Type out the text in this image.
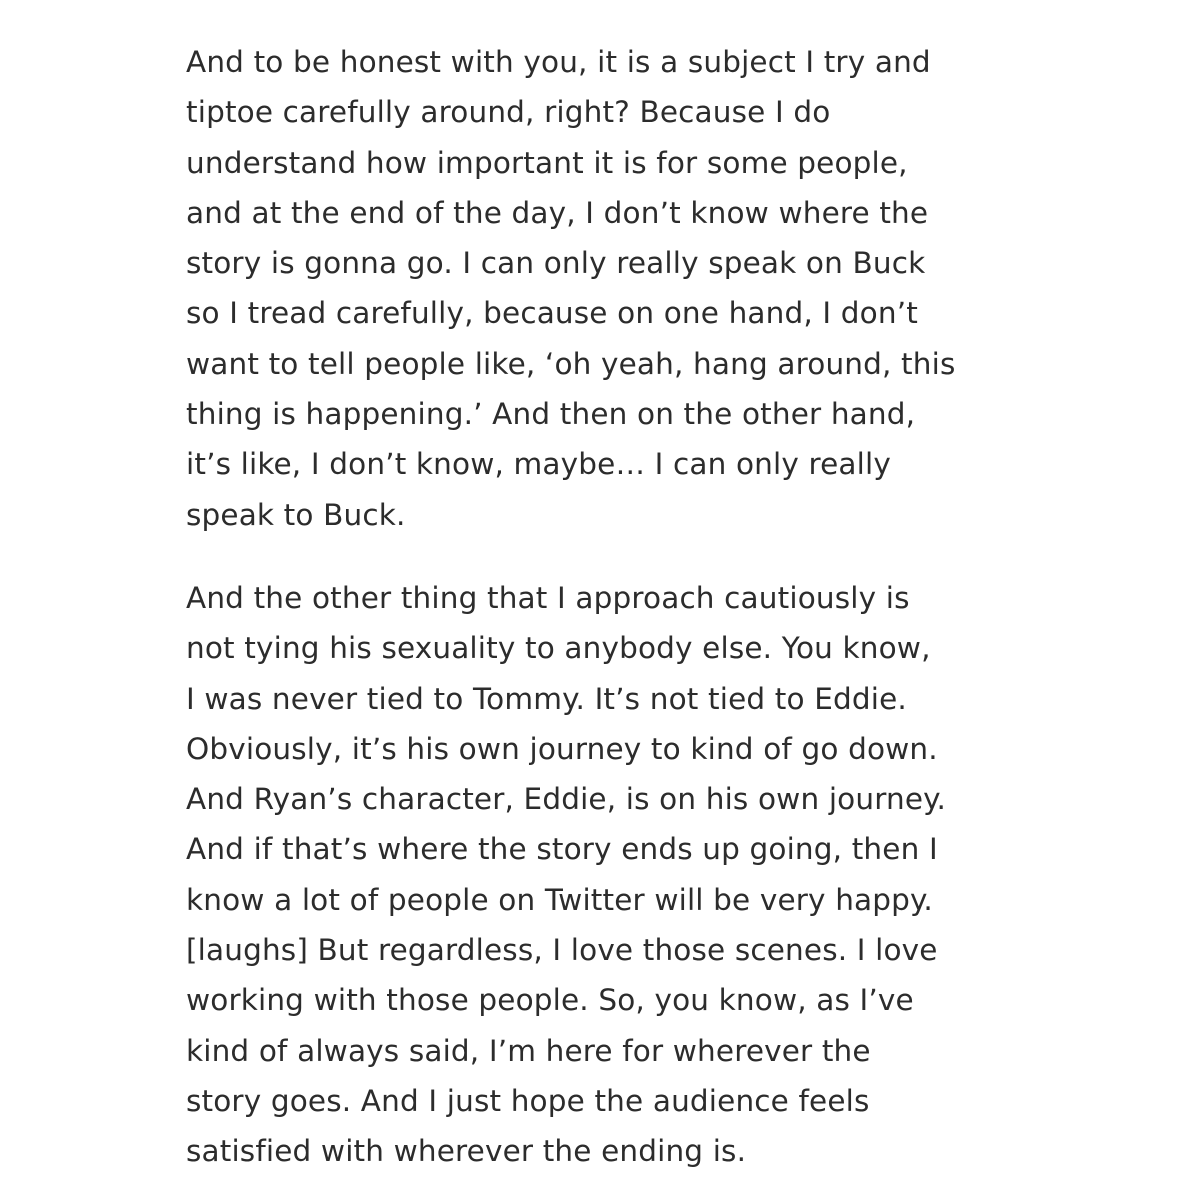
And to be honest with you, it is a subject I try and
tiptoe carefully around, right? Because I do
understand how important it is for some people,
and at the end of the day, I don’t know where the
story is gonna go. I can only really speak on Buck
so I tread carefully, because on one hand, I don’t
want to tell people like, ‘oh yeah, hang around, this
thing is happening.’ And then on the other hand,
it’s like, I don’t know, maybe… I can only really
speak to Buck.

And the other thing that I approach cautiously is
not tying his sexuality to anybody else. You know,
I was never tied to Tommy. It’s not tied to Eddie.
Obviously, it’s his own journey to kind of go down.
And Ryan’s character, Eddie, is on his own journey.
And if that’s where the story ends up going, then I
know a lot of people on Twitter will be very happy.
[laughs] But regardless, I love those scenes. I love
working with those people. So, you know, as I’ve
kind of always said, I’m here for wherever the
story goes. And I just hope the audience feels
satisfied with wherever the ending is.
